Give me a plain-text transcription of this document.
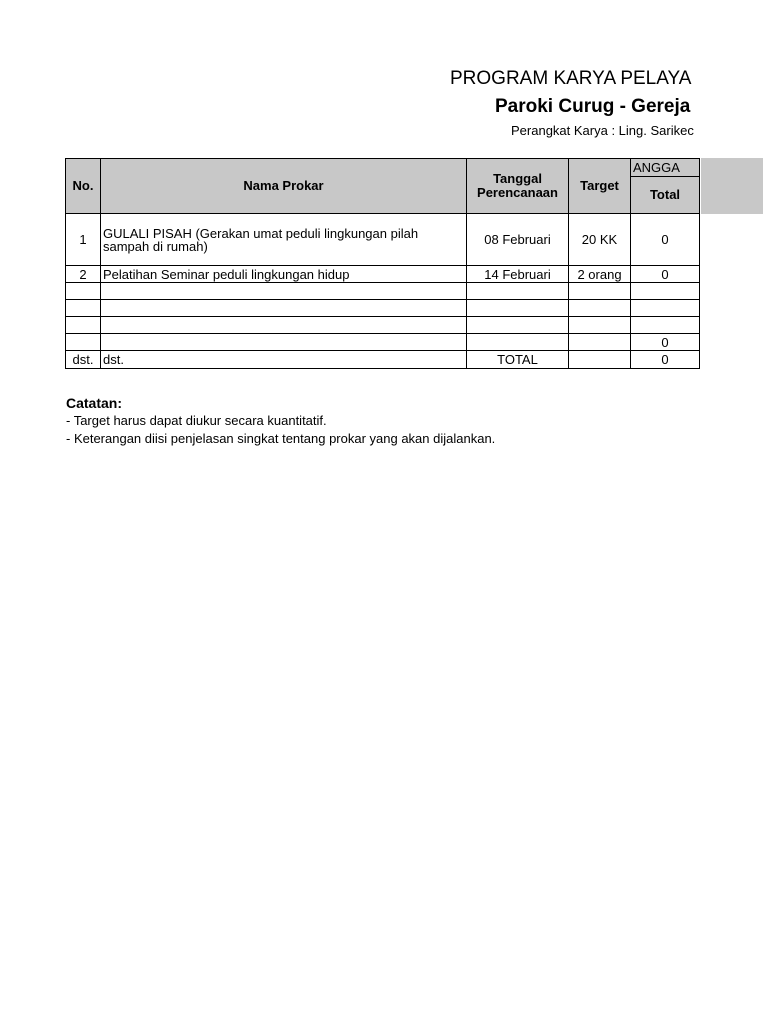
PROGRAM KARYA PELAYA
Paroki Curug - Gereja
Perangkat Karya : Ling. Sarikec
No.	Nama Prokar	Tanggal Perencanaan	Target	ANGGA
				Total
1	GULALI PISAH (Gerakan umat peduli lingkungan pilah sampah di rumah)	08 Februari	20 KK	0
2	Pelatihan Seminar peduli lingkungan hidup	14 Februari	2 orang	0

				0
dst.	dst.	TOTAL		0
Catatan:
- Target harus dapat diukur secara kuantitatif.
- Keterangan diisi penjelasan singkat tentang prokar yang akan dijalankan.
